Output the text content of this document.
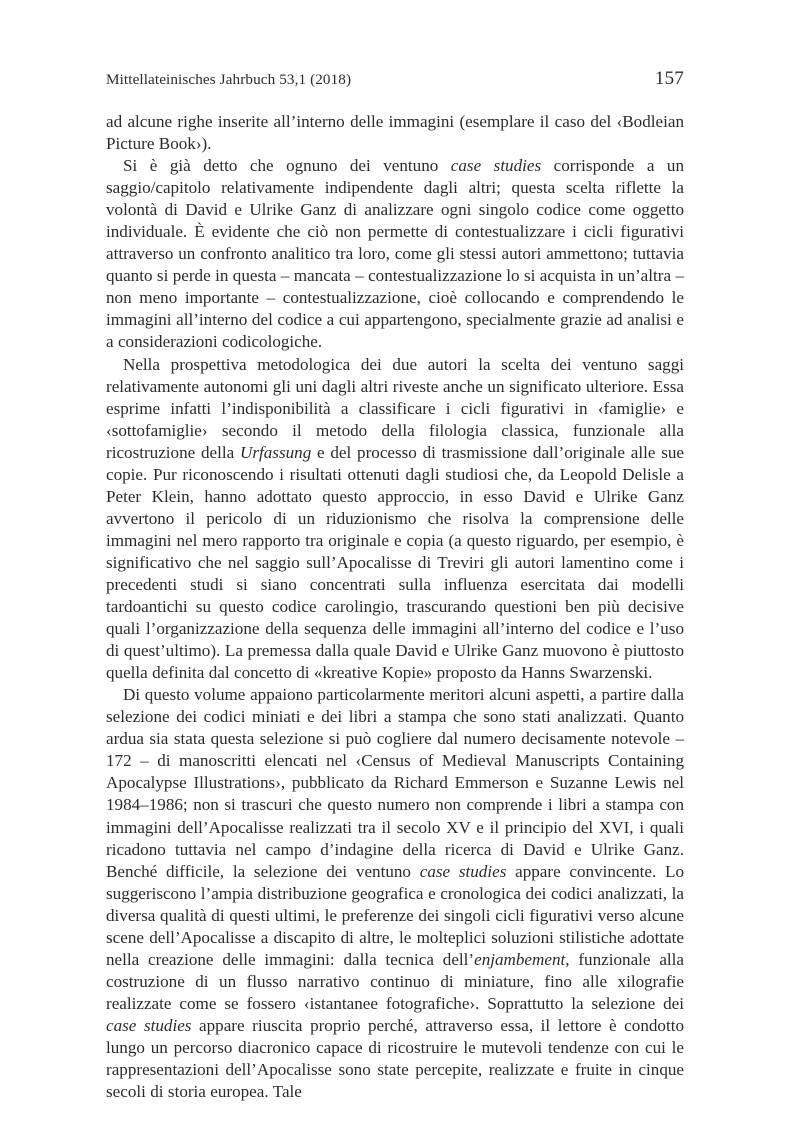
Mittellateinisches Jahrbuch 53,1 (2018)	157

ad alcune righe inserite all’interno delle immagini (esemplare il caso del ‹Bodleian Picture Book›).

Si è già detto che ognuno dei ventuno case studies corrisponde a un saggio/capitolo relativamente indipendente dagli altri; questa scelta riflette la volontà di David e Ulrike Ganz di analizzare ogni singolo codice come oggetto individuale. È evidente che ciò non permette di contestualizzare i cicli figurativi attraverso un confronto analitico tra loro, come gli stessi autori ammettono; tuttavia quanto si perde in questa – mancata – contestualizzazione lo si acquista in un’altra – non meno importante – contestualizzazione, cioè collocando e comprendendo le immagini all’interno del codice a cui appartengono, specialmente grazie ad analisi e a considerazioni codicologiche.

Nella prospettiva metodologica dei due autori la scelta dei ventuno saggi relativamente autonomi gli uni dagli altri riveste anche un significato ulteriore. Essa esprime infatti l’indisponibilità a classificare i cicli figurativi in ‹famiglie› e ‹sottofamiglie› secondo il metodo della filologia classica, funzionale alla ricostruzione della Urfassung e del processo di trasmissione dall’originale alle sue copie. Pur riconoscendo i risultati ottenuti dagli studiosi che, da Leopold Delisle a Peter Klein, hanno adottato questo approccio, in esso David e Ulrike Ganz avvertono il pericolo di un riduzionismo che risolva la comprensione delle immagini nel mero rapporto tra originale e copia (a questo riguardo, per esempio, è significativo che nel saggio sull’Apocalisse di Treviri gli autori lamentino come i precedenti studi si siano concentrati sulla influenza esercitata dai modelli tardoantichi su questo codice carolingio, trascurando questioni ben più decisive quali l’organizzazione della sequenza delle immagini all’interno del codice e l’uso di quest’ultimo). La premessa dalla quale David e Ulrike Ganz muovono è piuttosto quella definita dal concetto di «kreative Kopie» proposto da Hanns Swarzenski.

Di questo volume appaiono particolarmente meritori alcuni aspetti, a partire dalla selezione dei codici miniati e dei libri a stampa che sono stati analizzati. Quanto ardua sia stata questa selezione si può cogliere dal numero decisamente notevole – 172 – di manoscritti elencati nel ‹Census of Medieval Manuscripts Containing Apocalypse Illustrations›, pubblicato da Richard Emmerson e Suzanne Lewis nel 1984–1986; non si trascuri che questo numero non comprende i libri a stampa con immagini dell’Apocalisse realizzati tra il secolo XV e il principio del XVI, i quali ricadono tuttavia nel campo d’indagine della ricerca di David e Ulrike Ganz. Benché difficile, la selezione dei ventuno case studies appare convincente. Lo suggeriscono l’ampia distribuzione geografica e cronologica dei codici analizzati, la diversa qualità di questi ultimi, le preferenze dei singoli cicli figurativi verso alcune scene dell’Apocalisse a discapito di altre, le molteplici soluzioni stilistiche adottate nella creazione delle immagini: dalla tecnica dell’enjambement, funzionale alla costruzione di un flusso narrativo continuo di miniature, fino alle xilografie realizzate come se fossero ‹istantanee fotografiche›. Soprattutto la selezione dei case studies appare riuscita proprio perché, attraverso essa, il lettore è condotto lungo un percorso diacronico capace di ricostruire le mutevoli tendenze con cui le rappresentazioni dell’Apocalisse sono state percepite, realizzate e fruite in cinque secoli di storia europea. Tale
